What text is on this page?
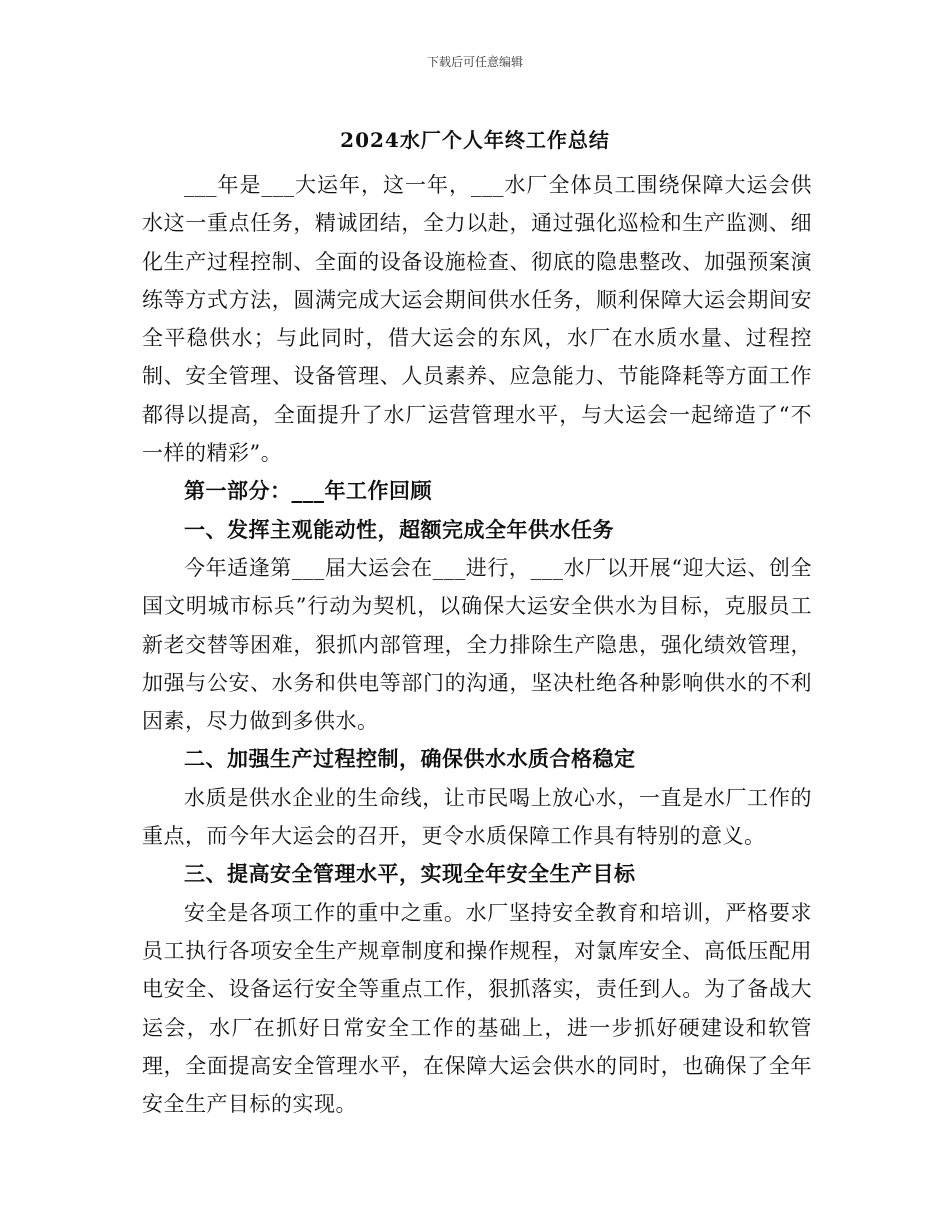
下载后可任意编辑
2024水厂个人年终工作总结

___年是___大运年，这一年，___水厂全体员工围绕保障大运会供水这一重点任务，精诚团结，全力以赴，通过强化巡检和生产监测、细化生产过程控制、全面的设备设施检查、彻底的隐患整改、加强预案演练等方式方法，圆满完成大运会期间供水任务，顺利保障大运会期间安全平稳供水；与此同时，借大运会的东风，水厂在水质水量、过程控制、安全管理、设备管理、人员素养、应急能力、节能降耗等方面工作都得以提高，全面提升了水厂运营管理水平，与大运会一起缔造了“不一样的精彩”。

第一部分：___年工作回顾

一、发挥主观能动性，超额完成全年供水任务

今年适逢第___届大运会在___进行，___水厂以开展“迎大运、创全国文明城市标兵”行动为契机，以确保大运安全供水为目标，克服员工新老交替等困难，狠抓内部管理，全力排除生产隐患，强化绩效管理，加强与公安、水务和供电等部门的沟通，坚决杜绝各种影响供水的不利因素，尽力做到多供水。

二、加强生产过程控制，确保供水水质合格稳定

水质是供水企业的生命线，让市民喝上放心水，一直是水厂工作的重点，而今年大运会的召开，更令水质保障工作具有特别的意义。

三、提高安全管理水平，实现全年安全生产目标

安全是各项工作的重中之重。水厂坚持安全教育和培训，严格要求员工执行各项安全生产规章制度和操作规程，对氯库安全、高低压配用电安全、设备运行安全等重点工作，狠抓落实，责任到人。为了备战大运会，水厂在抓好日常安全工作的基础上，进一步抓好硬建设和软管理，全面提高安全管理水平，在保障大运会供水的同时，也确保了全年安全生产目标的实现。
